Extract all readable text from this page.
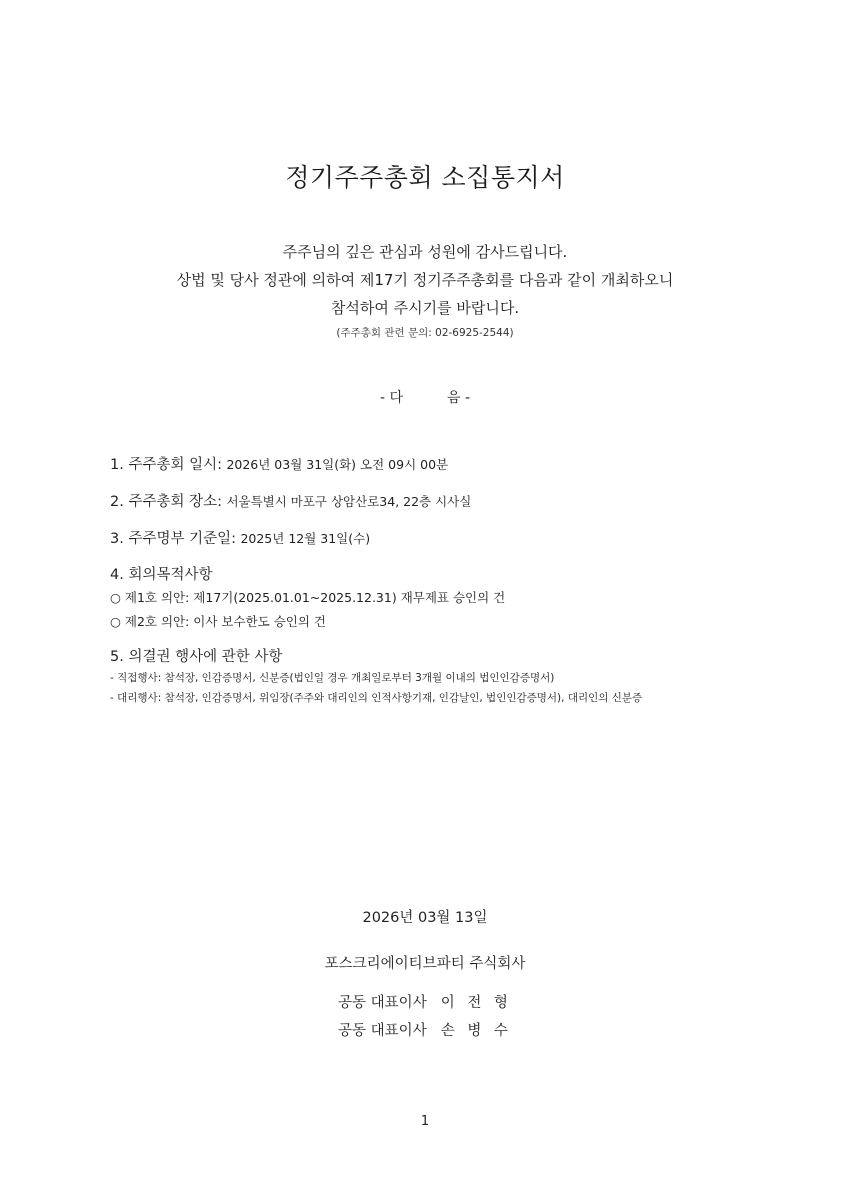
정기주주총회 소집통지서
주주님의 깊은 관심과 성원에 감사드립니다.
상법 및 당사 정관에 의하여 제17기 정기주주총회를 다음과 같이 개최하오니
참석하여 주시기를 바랍니다.
(주주총회 관련 문의: 02-6925-2544)
- 다	음 -
1. 주주총회 일시: 2026년 03월 31일(화) 오전 09시 00분
2. 주주총회 장소: 서울특별시 마포구 상암산로34, 22층 시사실
3. 주주명부 기준일: 2025년 12월 31일(수)
4. 회의목적사항
○ 제1호 의안: 제17기(2025.01.01~2025.12.31) 재무제표 승인의 건
○ 제2호 의안: 이사 보수한도 승인의 건
5. 의결권 행사에 관한 사항
- 직접행사: 참석장, 인감증명서, 신분증(법인일 경우 개최일로부터 3개월 이내의 법인인감증명서)
- 대리행사: 참석장, 인감증명서, 위임장(주주와 대리인의 인적사항기재, 인감날인, 법인인감증명서), 대리인의 신분증
2026년 03월 13일
포스크리에이티브파티 주식회사
공동 대표이사 이 전 형
공동 대표이사 손 병 수
1
